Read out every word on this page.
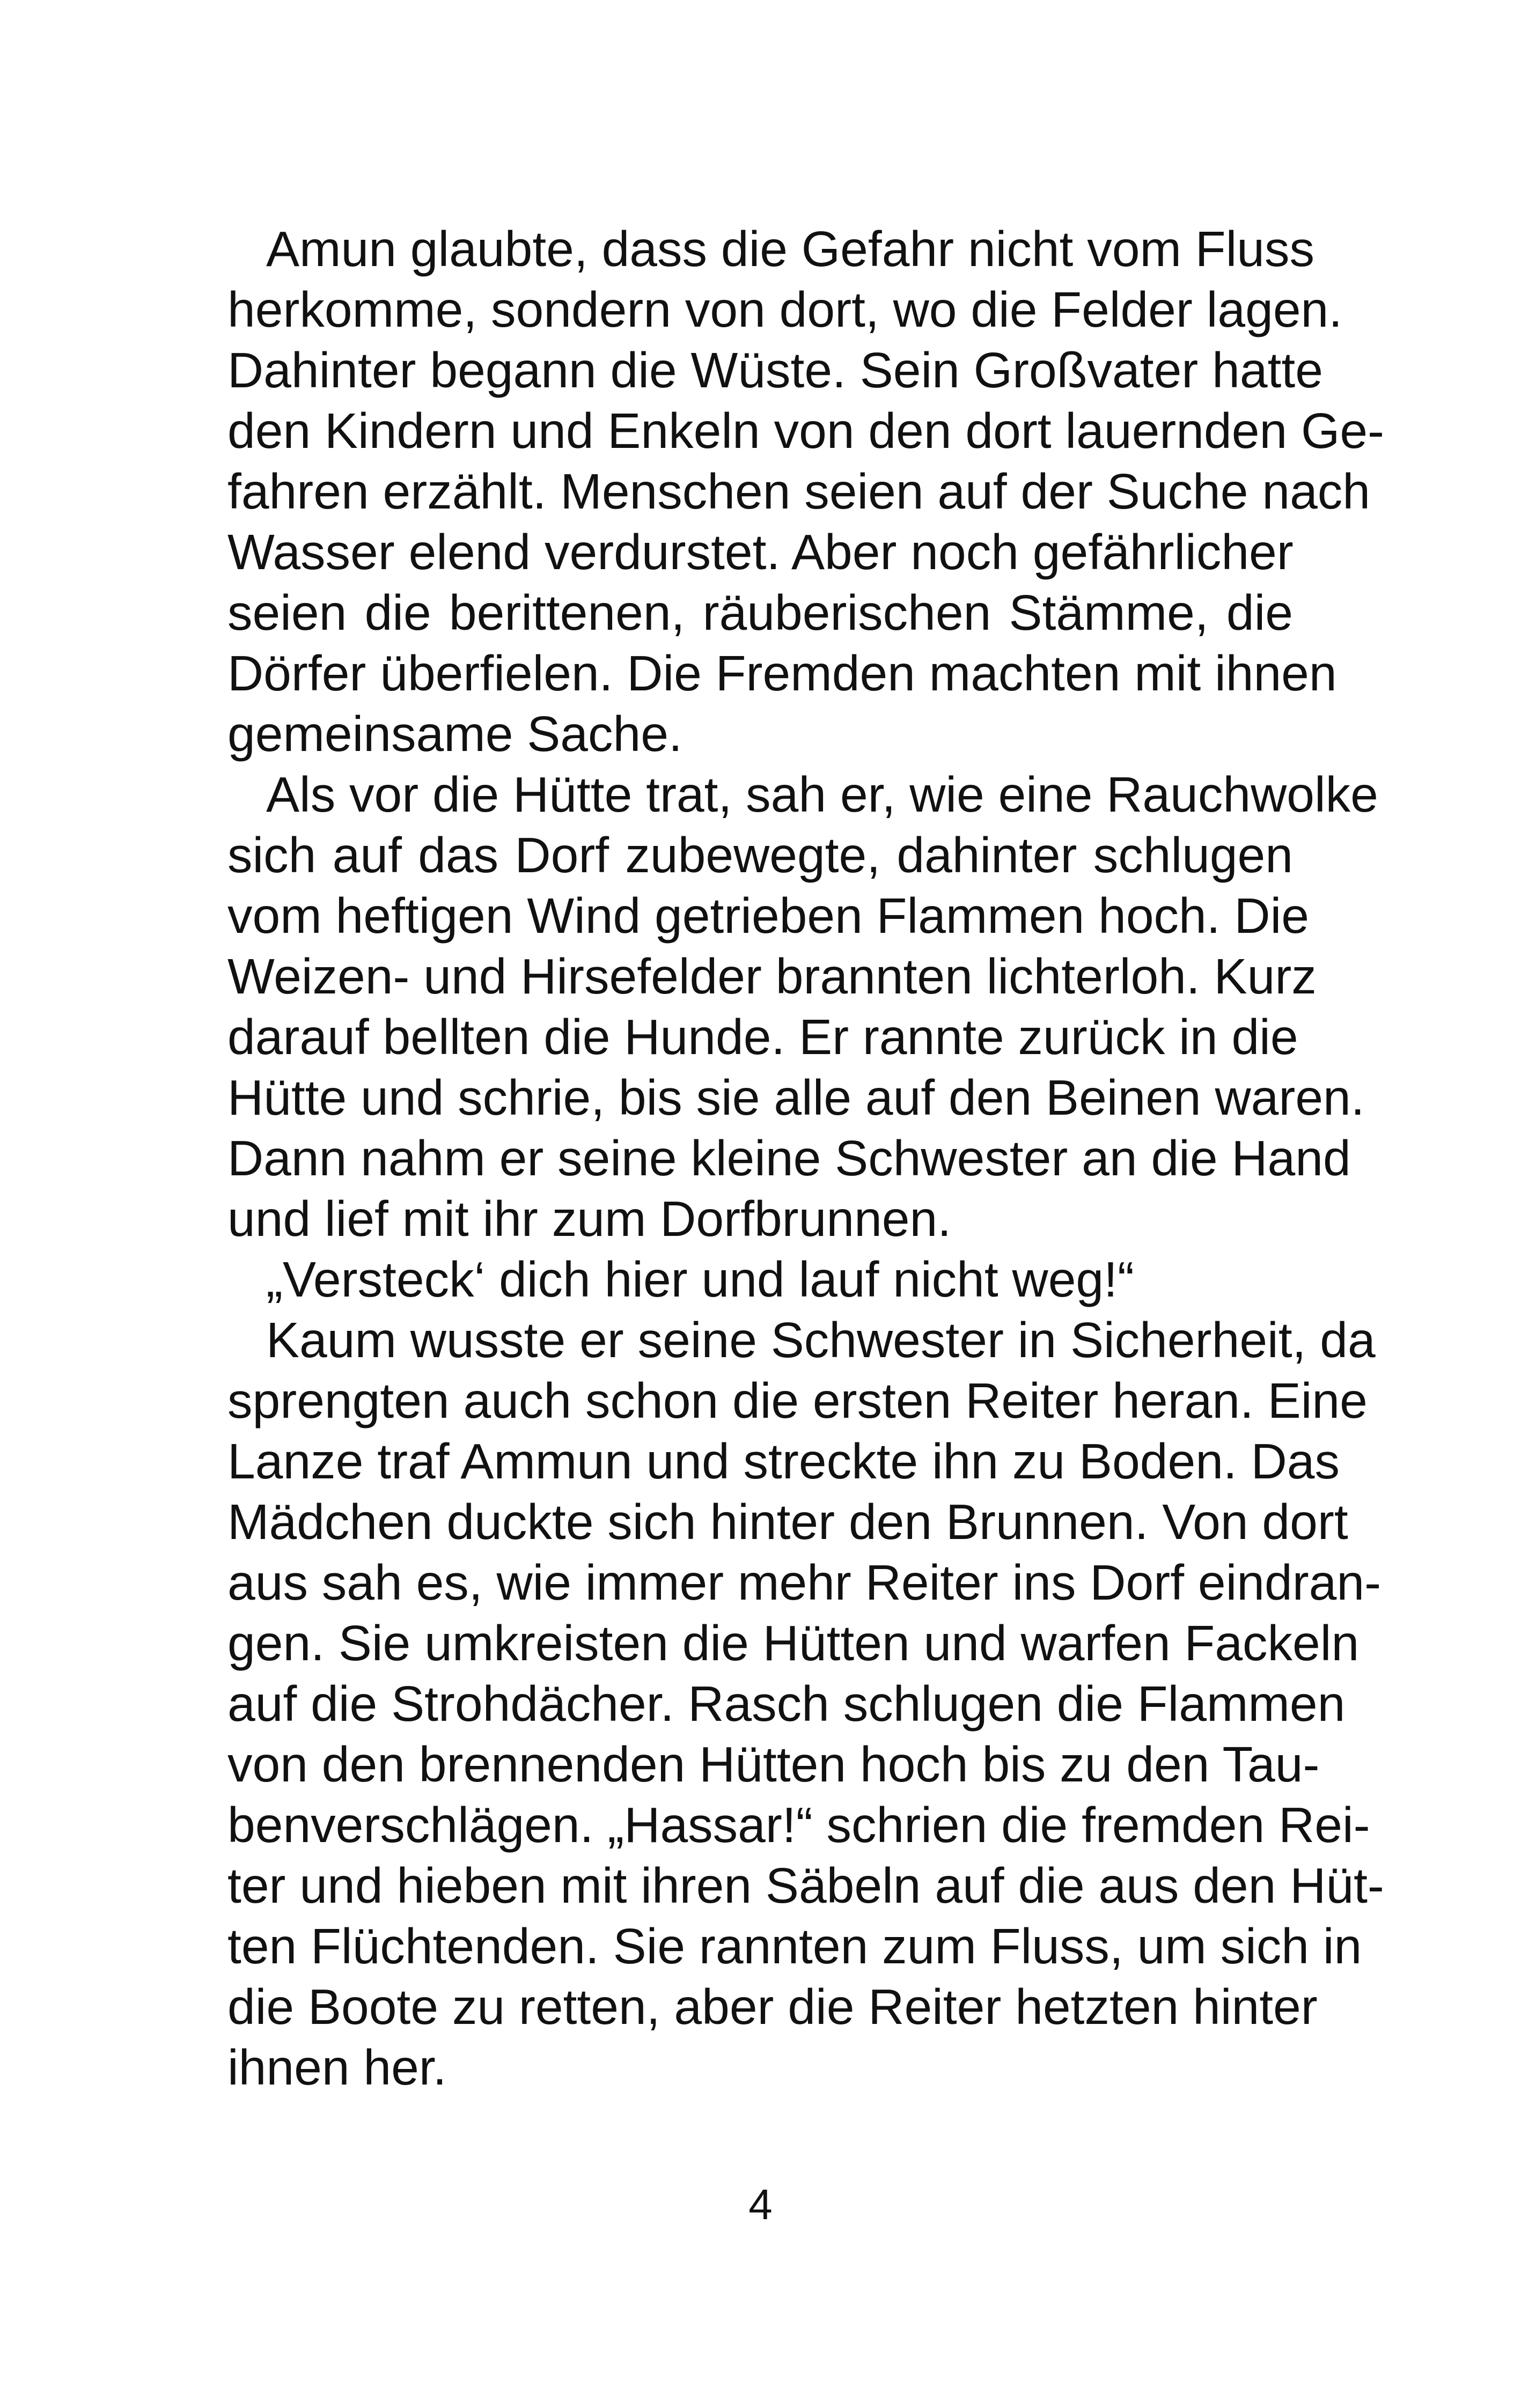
Amun glaubte, dass die Gefahr nicht vom Fluss
herkomme, sondern von dort, wo die Felder lagen.
Dahinter begann die Wüste. Sein Großvater hatte
den Kindern und Enkeln von den dort lauernden Ge-
fahren erzählt. Menschen seien auf der Suche nach
Wasser elend verdurstet. Aber noch gefährlicher
seien die berittenen, räuberischen Stämme, die
Dörfer überfielen. Die Fremden machten mit ihnen
gemeinsame Sache.
Als vor die Hütte trat, sah er, wie eine Rauchwolke
sich auf das Dorf zubewegte, dahinter schlugen
vom heftigen Wind getrieben Flammen hoch. Die
Weizen- und Hirsefelder brannten lichterloh. Kurz
darauf bellten die Hunde. Er rannte zurück in die
Hütte und schrie, bis sie alle auf den Beinen waren.
Dann nahm er seine kleine Schwester an die Hand
und lief mit ihr zum Dorfbrunnen.
„Versteck‘ dich hier und lauf nicht weg!“
Kaum wusste er seine Schwester in Sicherheit, da
sprengten auch schon die ersten Reiter heran. Eine
Lanze traf Ammun und streckte ihn zu Boden. Das
Mädchen duckte sich hinter den Brunnen. Von dort
aus sah es, wie immer mehr Reiter ins Dorf eindran-
gen. Sie umkreisten die Hütten und warfen Fackeln
auf die Strohdächer. Rasch schlugen die Flammen
von den brennenden Hütten hoch bis zu den Tau-
benverschlägen. „Hassar!“ schrien die fremden Rei-
ter und hieben mit ihren Säbeln auf die aus den Hüt-
ten Flüchtenden. Sie rannten zum Fluss, um sich in
die Boote zu retten, aber die Reiter hetzten hinter
ihnen her.
4
